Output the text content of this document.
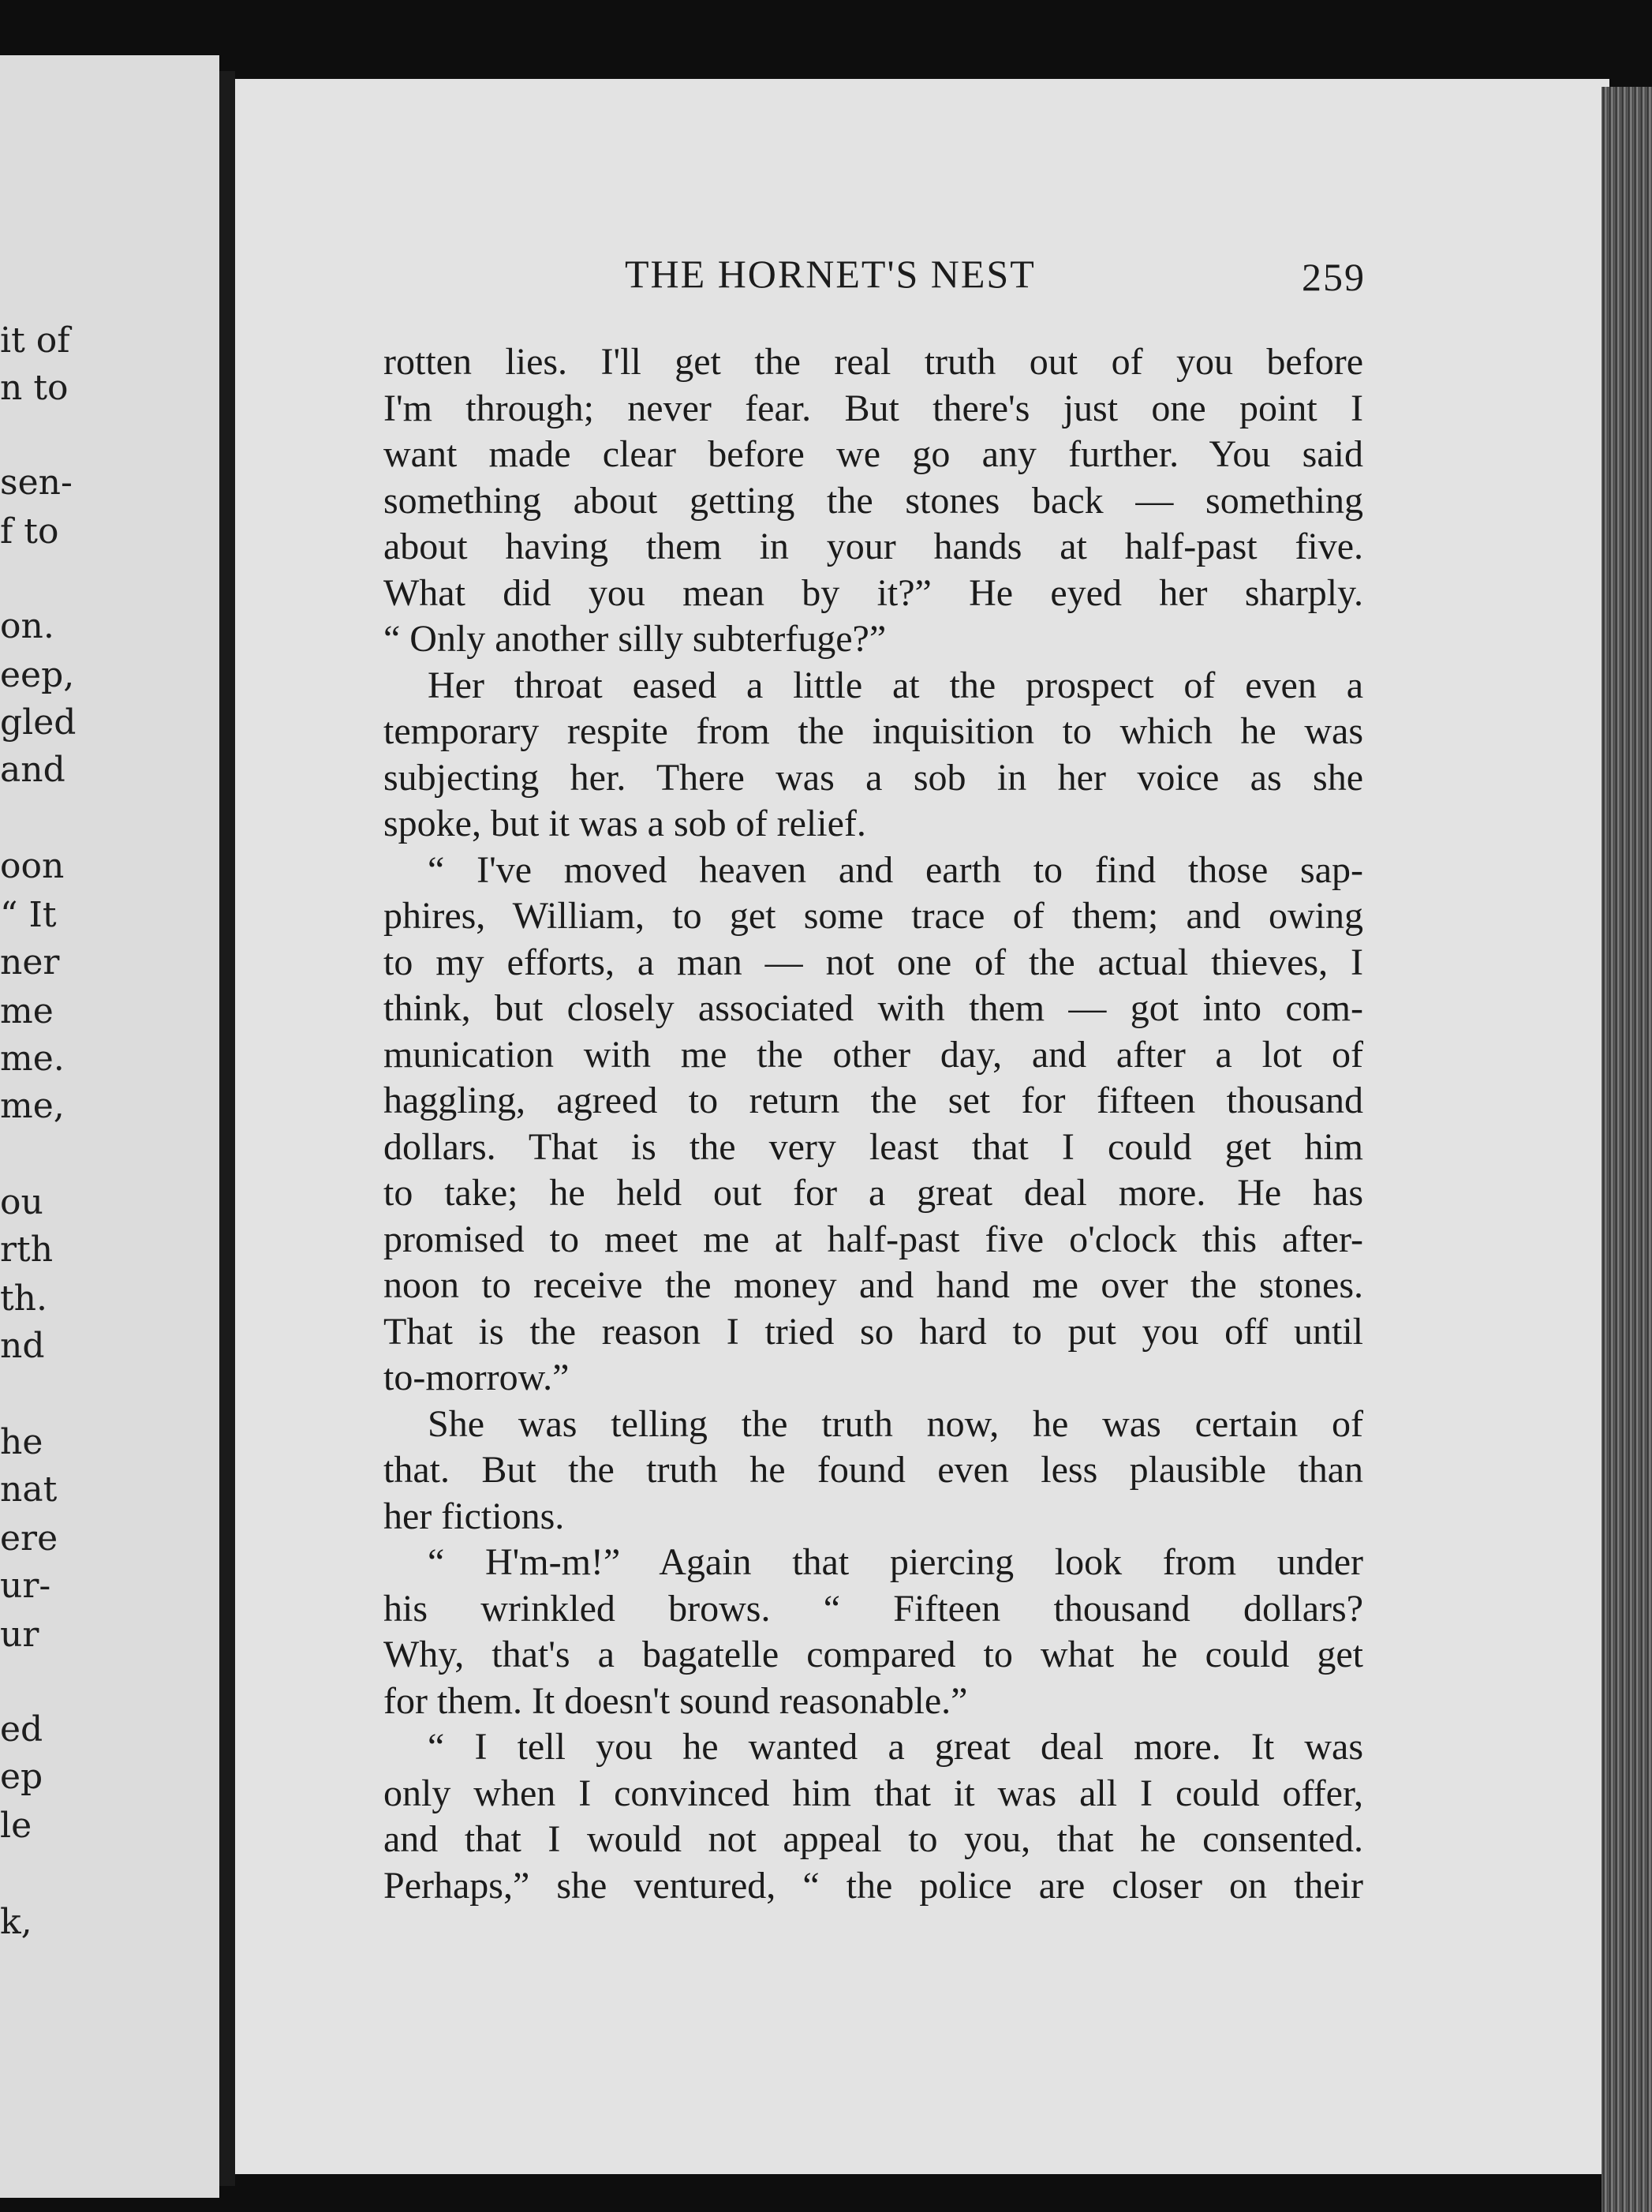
it of
n to
sen-
f to
on.
eep,
gled
and
oon
“ It
ner
me
me.
me,
ou
rth
th.
nd
he
nat
ere
ur-
ur
ed
ep
le
k,
THE HORNET'S NEST	259
rotten lies. I'll get the real truth out of you before
I'm through; never fear. But there's just one point I
want made clear before we go any further. You said
something about getting the stones back — something
about having them in your hands at half-past five.
What did you mean by it?” He eyed her sharply.
“ Only another silly subterfuge?”
Her throat eased a little at the prospect of even a
temporary respite from the inquisition to which he was
subjecting her. There was a sob in her voice as she
spoke, but it was a sob of relief.
“ I've moved heaven and earth to find those sap-
phires, William, to get some trace of them; and owing
to my efforts, a man — not one of the actual thieves, I
think, but closely associated with them — got into com-
munication with me the other day, and after a lot of
haggling, agreed to return the set for fifteen thousand
dollars. That is the very least that I could get him
to take; he held out for a great deal more. He has
promised to meet me at half-past five o'clock this after-
noon to receive the money and hand me over the stones.
That is the reason I tried so hard to put you off until
to-morrow.”
She was telling the truth now, he was certain of
that. But the truth he found even less plausible than
her fictions.
“ H'm-m!” Again that piercing look from under
his wrinkled brows. “ Fifteen thousand dollars?
Why, that's a bagatelle compared to what he could get
for them. It doesn't sound reasonable.”
“ I tell you he wanted a great deal more. It was
only when I convinced him that it was all I could offer,
and that I would not appeal to you, that he consented.
Perhaps,” she ventured, “ the police are closer on their
